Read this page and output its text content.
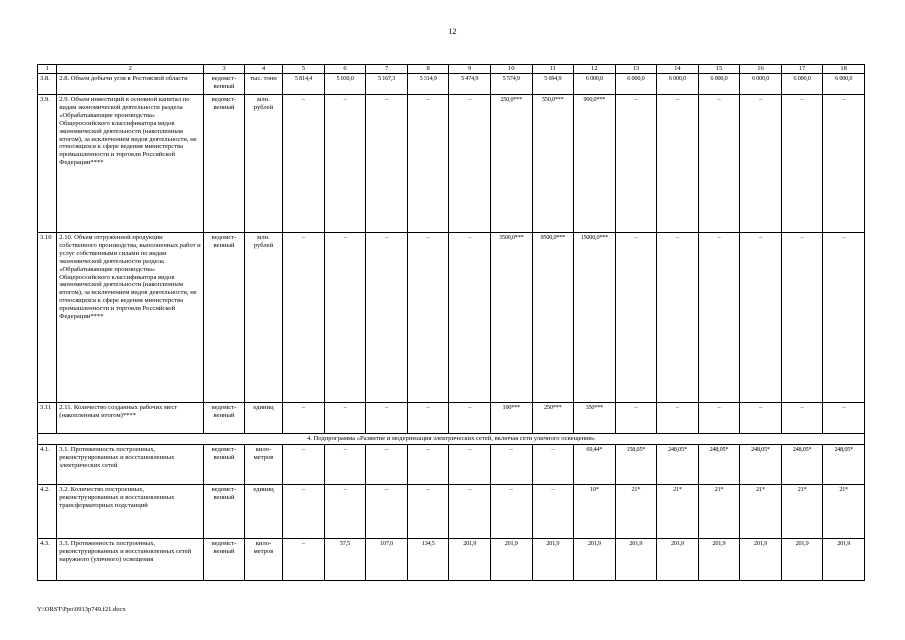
12
1	2	3	4	5	6	7	8	9	10	11	12	13	14	15	16	17	18
3.8.	2.8. Объем добычи угля в Ростовской области	ведомст-венный	тыс. тонн	5 814,4	5 030,0	5 167,3	5 314,9	5 474,9	5 574,9	5 694,9	6 000,0	6 000,0	6 000,0	6 000,0	6 000,0	6 000,0	6 000,0
3.9.	2.9. Объем инвестиций в основной капитал по видам экономической деятельности раздела «Обрабатывающие производства» Общероссийского классификатора видов экономической деятельности (накопленным итогом), за исключением видов деятельности, не относящихся к сфере ведения министерства промышленности и торговли Российской Федерации****	ведомст-венный	млн. рублей	–	–	–	–	–	250,0***	550,0***	900,0***	–	–	–	–	–	–
3.10	2.10. Объем отгруженной продукции собственного производства, выполненных работ и услуг собственными силами по видам экономической деятельности раздела «Обрабатывающие производства» Общероссийского классификатора видов экономической деятельности (накопленным итогом), за исключением видов деятельности, не относящихся к сфере ведения министерства промышленности и торговли Российской Федерации****	ведомст-венный	млн. рублей	–	–	–	–	–	3500,0***	9500,0***	15000,0***	–	–	–	–	–	–
3.11	2.11. Количество созданных рабочих мест (накопленным итогом)****	ведомст-венный	единиц	–	–	–	–	–	100***	250***	350***	–	–	–	–	–	–
4. Подпрограмма «Развитие и модернизация электрических сетей, включая сети уличного освещения»																	
4.1.	3.1. Протяженность построенных, реконструированных и восстановленных электрических сетей	ведомст-венный	кило-метров	–	–	–	–	–	–	–	69,44*	158,05*	248,05*	248,05*	248,05*	248,05*	248,05*
4.2.	3.2. Количество построенных, реконструированных и восстановленных трансформаторных подстанций	ведомст-венный	единиц	–	–	–	–	–	–	–	10*	21*	21*	21*	21*	21*	21*
4.3.	3.3. Протяженность построенных, реконструированных и восстановленных сетей наружного (уличного) освещения	ведомст-венный	кило-метров	–	57,5	107,0	134,5	201,9	201,9	201,9	201,9	201,9	201,9	201,9	201,9	201,9	201,9
Y:\ORST\Ppo\0913p749.f21.docx
